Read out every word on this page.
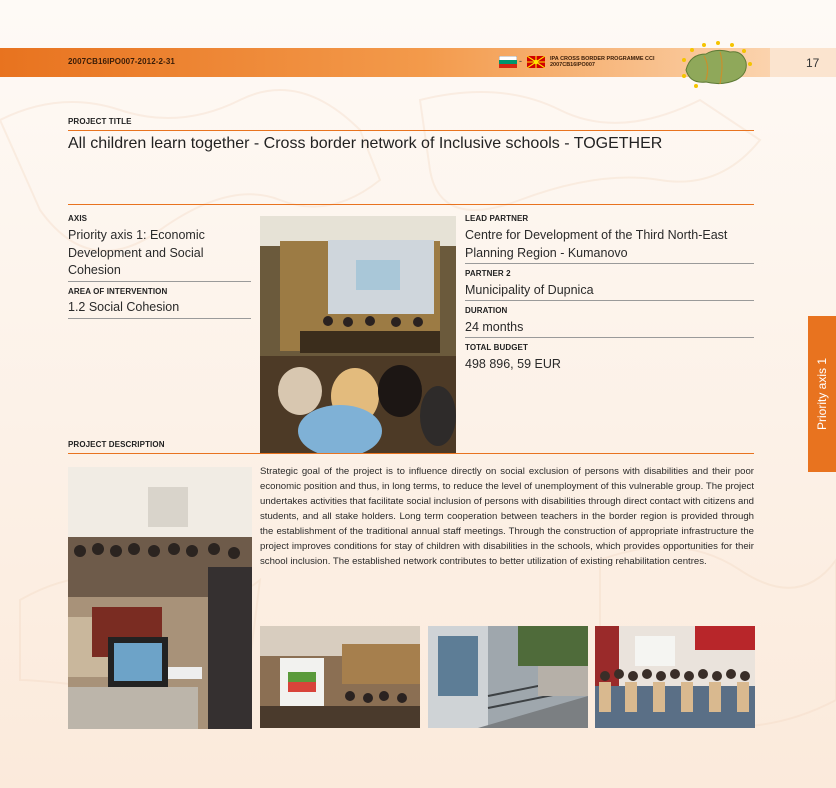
2007CB16IPO007-2012-2-31	-	IPA CROSS BORDER PROGRAMME CCI 2007CB16IPO007	17
Priority axis 1
PROJECT TITLE
All children learn together - Cross border network of Inclusive schools - TOGETHER
AXIS
Priority axis 1: Economic Development and Social Cohesion
AREA OF INTERVENTION
1.2 Social Cohesion
LEAD PARTNER
Centre for Development of the Third North-East Planning Region - Kumanovo
PARTNER 2
Municipality of Dupnica
DURATION
24 months
TOTAL BUDGET
498 896, 59 EUR
PROJECT DESCRIPTION
Strategic goal of the project is to influence directly on social exclusion of persons with disabilities and their poor economic position and thus, in long terms, to reduce the level of unemployment of this vulnerable group. The project undertakes activities that facilitate social inclusion of persons with disabilities through direct contact with citizens and students, and all stake holders. Long term cooperation between teachers in the border region is provided through the establishment of the traditional annual staff meetings. Through the construction of appropriate infrastructure the project improves conditions for stay of children with disabilities in the schools, which provides opportunities for their school inclusion. The established network contributes to better utilization of existing rehabilitation centres.
